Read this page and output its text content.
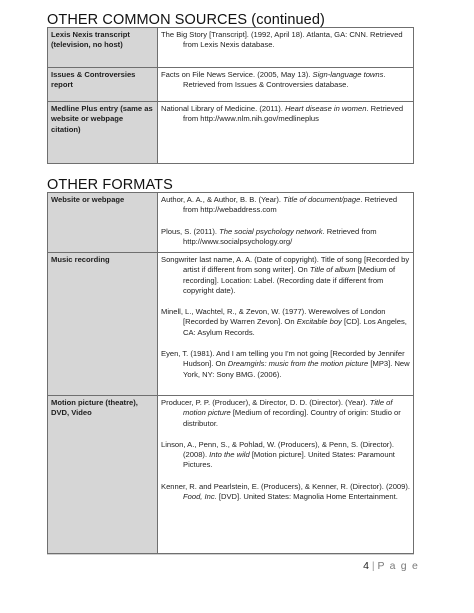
OTHER COMMON SOURCES (continued)
Lexis Nexis transcript (television, no host)	The Big Story [Transcript]. (1992, April 18). Atlanta, GA: CNN. Retrieved from Lexis Nexis database.

Issues & Controversies report	Facts on File News Service. (2005, May 13). Sign-language towns. Retrieved from Issues & Controversies database.

Medline Plus entry (same as website or webpage citation)	National Library of Medicine. (2011). Heart disease in women. Retrieved from http://www.nlm.nih.gov/medlineplus

OTHER FORMATS
Website or webpage	Author, A. A., & Author, B. B. (Year). Title of document/page. Retrieved from http://webaddress.com

Plous, S. (2011). The social psychology network. Retrieved from http://www.socialpsychology.org/

Music recording	Songwriter last name, A. A. (Date of copyright). Title of song [Recorded by artist if different from song writer]. On Title of album [Medium of recording]. Location: Label. (Recording date if different from copyright date).

Minell, L., Wachtel, R., & Zevon, W. (1977). Werewolves of London [Recorded by Warren Zevon]. On Excitable boy [CD]. Los Angeles, CA: Asylum Records.

Eyen, T. (1981). And I am telling you I'm not going [Recorded by Jennifer Hudson]. On Dreamgirls: music from the motion picture [MP3]. New York, NY: Sony BMG. (2006).

Motion picture (theatre), DVD, Video	Producer, P. P. (Producer), & Director, D. D. (Director). (Year). Title of motion picture [Medium of recording]. Country of origin: Studio or distributor.

Linson, A., Penn, S., & Pohlad, W. (Producers), & Penn, S. (Director). (2008). Into the wild [Motion picture]. United States: Paramount Pictures.

Kenner, R. and Pearlstein, E. (Producers), & Kenner, R. (Director). (2009). Food, Inc. [DVD]. United States: Magnolia Home Entertainment.

4 | P a g e
